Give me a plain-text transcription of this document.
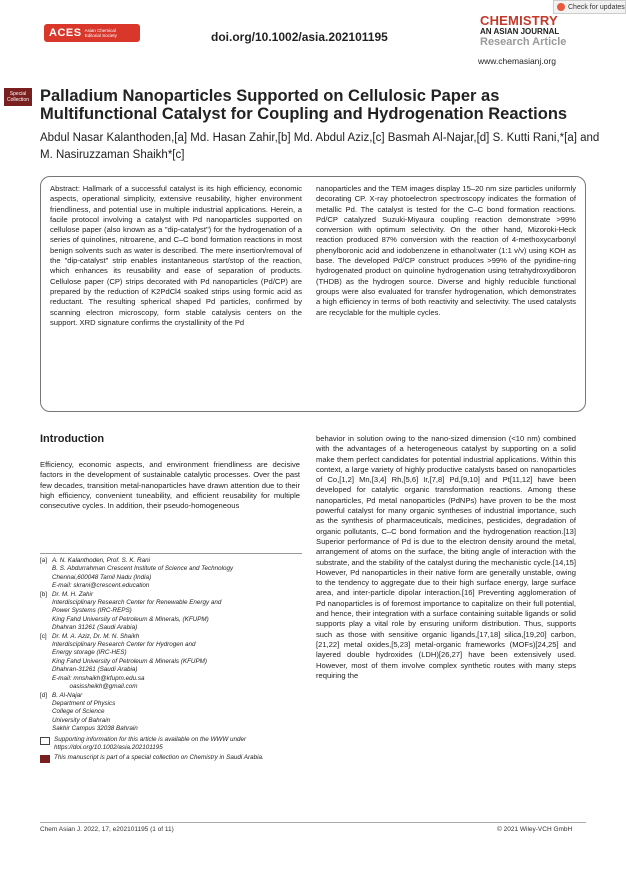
ACES Asian Chemical Editorial Society	doi.org/10.1002/asia.202101195
Check for updates
CHEMISTRY
AN ASIAN JOURNAL
Research Article
www.chemasianj.org
Special Collection Palladium Nanoparticles Supported on Cellulosic Paper as Multifunctional Catalyst for Coupling and Hydrogenation Reactions
Abdul Nasar Kalanthoden,[a] Md. Hasan Zahir,[b] Md. Abdul Aziz,[c] Basmah Al-Najar,[d] S. Kutti Rani,*[a] and M. Nasiruzzaman Shaikh*[c]
Abstract: Hallmark of a successful catalyst is its high efficiency, economic aspects, operational simplicity, extensive reusability, higher environment friendliness, and potential use in multiple industrial applications. Herein, a facile protocol involving a catalyst with Pd nanoparticles supported on cellulose paper (also known as a "dip-catalyst") for the hydrogenation of a series of quinolines, nitroarene, and C–C bond formation reactions in most benign solvents such as water is described. The mere insertion/removal of the "dip-catalyst" strip enables instantaneous start/stop of the reaction, which enhances its reusability and ease of separation of products. Cellulose paper (CP) strips decorated with Pd nanoparticles (Pd/CP) are prepared by the reduction of K2PdCl4 soaked strips using formic acid as reductant. The resulting spherical shaped Pd particles, confirmed by scanning electron microscopy, form stable catalysis centers on the support. XRD signature confirms the crystallinity of the Pd
nanoparticles and the TEM images display 15–20 nm size particles uniformly decorating CP. X-ray photoelectron spectroscopy indicates the formation of metallic Pd. The catalyst is tested for the C–C bond formation reactions. Pd/CP catalyzed Suzuki-Miyaura coupling reaction demonstrate >99% conversion with optimum selectivity. On the other hand, Mizoroki-Heck reaction produced 87% conversion with the reaction of 4-methoxycarbonyl phenylboronic acid and iodobenzene in ethanol:water (1:1 v/v) using KOH as base. The developed Pd/CP construct produces >99% of the pyridine-ring hydrogenated product on quinoline hydrogenation using tetrahydroxydiboron (THDB) as the hydrogen source. Diverse and highly reducible functional groups were also evaluated for transfer hydrogenation, which demonstrates a high efficiency in terms of both reactivity and selectivity. The used catalysts are recyclable for the multiple cycles.
Introduction
Efficiency, economic aspects, and environment friendliness are decisive factors in the development of sustainable catalytic processes. Over the past few decades, transition metal-nanoparticles have drawn attention due to their high efficiency, convenient tuneability, and efficient reusability for multiple consecutive cycles. In addition, their pseudo-homogeneous
behavior in solution owing to the nano-sized dimension (<10 nm) combined with the advantages of a heterogeneous catalyst by supporting on a solid make them perfect candidates for potential industrial applications. Within this context, a large variety of highly productive catalysts based on nanoparticles of Co,[1,2] Mn,[3,4] Rh,[5,6] Ir,[7,8] Pd,[9,10] and Pt[11,12] have been developed for catalytic organic transformation reactions. Among these nanoparticles, Pd metal nanoparticles (PdNPs) have proven to be the most powerful catalyst for many organic syntheses of industrial importance, such as the synthesis of pharmaceuticals, medicines, pesticides, degradation of organic pollutants, C–C bond formation and the hydrogenation reaction.[13] Superior performance of Pd is due to the electron density around the metal, arrangement of atoms on the surface, the biting angle of interaction with the substrate, and the stability of the catalyst during the mechanistic cycle.[14,15] However, Pd nanoparticles in their native form are generally unstable, owing to the tendency to aggregate due to their high surface energy, large surface area, and inter-particle dipolar interaction.[16] Preventing agglomeration of Pd nanoparticles is of foremost importance to capitalize on their full potential, and hence, their integration with a surface containing suitable ligands or solid supports play a vital role by ensuring uniform distribution. Thus, supports such as those with sensitive organic ligands,[17,18] silica,[19,20] carbon,[21,22] metal oxides,[5,23] metal-organic frameworks (MOFs)[24,25] and layered double hydroxides (LDH)[26,27] have been extensively used. However, most of them involve complex synthetic routes with many steps requiring the
[a] A. N. Kalanthoden, Prof. S. K. Rani
B. S. Abdurrahman Crescent Institute of Science and Technology
Chennai,600048 Tamil Nadu (India)
E-mail: skrani@crescent.education
[b] Dr. M. H. Zahir
Interdisciplinary Research Center for Renewable Energy and
Power Systems (IRC-REPS)
King Fahd University of Petroleum & Minerals, (KFUPM)
Dhahran 31261 (Saudi Arabia)
[c] Dr. M. A. Aziz, Dr. M. N. Shaikh
Interdisciplinary Research Center for Hydrogen and
Energy storage (IRC-HES)
King Fahd University of Petroleum & Minerals (KFUPM)
Dhahran-31261 (Saudi Arabia)
E-mail: mnshaikh@kfupm.edu.sa
oasissheikh@gmail.com
[d] B. Al-Najar
Department of Physics
College of Science
University of Bahrain
Sakhir Campus 32038 Bahrain
Supporting information for this article is available on the WWW under https://doi.org/10.1002/asia.202101195
This manuscript is part of a special collection on Chemistry in Saudi Arabia.
Chem Asian J. 2022, 17, e202101195 (1 of 11)	© 2021 Wiley-VCH GmbH
